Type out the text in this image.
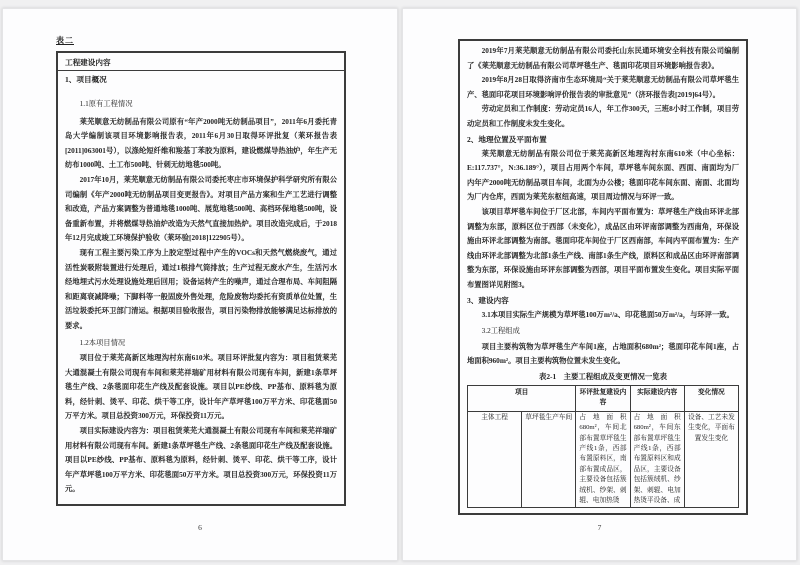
表二
工程建设内容
1、项目概况
1.1原有工程情况

莱芜顺意无纺制品有限公司原有“年产2000吨无纺制品项目”，2011年6月委托青岛大学编制该项目环境影响报告表，2011年6月30日取得环评批复（莱环报告表[2011]063001号），以涤纶短纤维和羧基丁苯胶为原料，建设燃煤导热油炉，年生产无纺布1000吨、土工布500吨、针刺无纺地毯500吨。

2017年10月，莱芜顺意无纺制品有限公司委托枣庄市环境保护科学研究所有限公司编制《年产2000吨无纺制品项目变更报告》。对项目产品方案和生产工艺进行调整和改造，产品方案调整为普通地毯1000吨、展览地毯500吨、高档环保地毯500吨，设备重新布置，并将燃煤导热油炉改造为天然气直接加热炉。项目改造完成后，于2018年12月完成竣工环境保护验收（莱环验[2018]122905号）。

现有工程主要污染工序为上胶定型过程中产生的VOCs和天然气燃烧废气，通过活性炭吸附装置进行处理后，通过1根排气筒排放；生产过程无废水产生，生活污水经地埋式污水处理设施处理后回用；设备运转产生的噪声，通过合理布局、车间阻隔和距离衰减降噪；下脚料等一般固废外售处理，危险废物均委托有资质单位处置，生活垃圾委托环卫部门清运。根据项目验收报告，项目污染物排放能够满足达标排放的要求。

1.2本项目情况

项目位于莱芜高新区地理沟村东南610米。项目环评批复内容为：项目租赁莱芜大通混凝土有限公司现有车间和莱芜祥瑞矿用材料有限公司现有车间，新建1条草坪毯生产线、2条毯面印花生产线及配套设施。项目以PE纱线、PP基布、原料毯为原料，经针刺、烫平、印花、烘干等工序，设计年产草坪毯100万平方米、印花毯面50万平方米。项目总投资300万元，环保投资11万元。

项目实际建设内容为：项目租赁莱芜大通混凝土有限公司现有车间和莱芜祥瑞矿用材料有限公司现有车间。新建1条草坪毯生产线、2条毯面印花生产线及配套设施。项目以PE纱线、PP基布、原料毯为原料，经针刺、烫平、印花、烘干等工序，设计年产草坪毯100万平方米、印花毯面50万平方米。项目总投资300万元，环保投资11万元。

6

2019年7月莱芜顺意无纺制品有限公司委托山东民通环境安全科技有限公司编制了《莱芜顺意无纺制品有限公司草坪毯生产、毯面印花项目环境影响报告表》。

2019年8月28日取得济南市生态环境局“关于莱芜顺意无纺制品有限公司草坪毯生产、毯面印花项目环境影响评价报告表的审批意见”（济环报告表[2019]64号）。

劳动定员和工作制度：劳动定员16人，年工作300天，三班8小时工作制，项目劳动定员和工作制度未发生变化。

2、地理位置及平面布置

莱芜顺意无纺制品有限公司位于莱芜高新区地理沟村东南610米（中心坐标：E:117.737°，N:36.189°），项目占用两个车间，草坪毯车间东面、西面、南面均为厂内年产2000吨无纺制品项目车间，北面为办公楼；毯面印花车间东面、南面、北面均为厂内仓库，西面为莱芜东枢纽高速，项目周边情况与环评一致。

该项目草坪毯车间位于厂区北部，车间内平面布置为：草坪毯生产线由环评北部调整为东部，原料区位于西部（未变化），成品区由环评南部调整为西南角，环保设施由环评北部调整为南部。毯面印花车间位于厂区西南部，车间内平面布置为：生产线由环评北部调整为北部1条生产线、南部1条生产线，原料区和成品区由环评南部调整为东部，环保设施由环评东部调整为西部，项目平面布置发生变化。项目实际平面布置图详见附图3。

3、建设内容

3.1本项目实际生产规模为草坪毯100万m²/a、印花毯面50万m²/a，与环评一致。

3.2工程组成

项目主要构筑物为草坪毯生产车间1座，占地面积680m²；毯面印花车间1座，占地面积960m²。项目主要构筑物位置未发生变化。

表2-1　主要工程组成及变更情况一览表
项目		环评批复建设内容	实际建设内容	变化情况
主体工程	草坪毯生产车间	占地面积680m²，车间北部布置草坪毯生产线1条，西部布置原料区，南部布置成品区，主要设备包括簇绒机、纱架、刺辊、电加热烫	占地面积680m²，车间东部布置草坪毯生产线1条，西部布置原料区和成品区，主要设备包括簇绒机、纱架、刺辊、电加热烫平设备、成	设备、工艺未发生变化，平面布置发生变化
7
